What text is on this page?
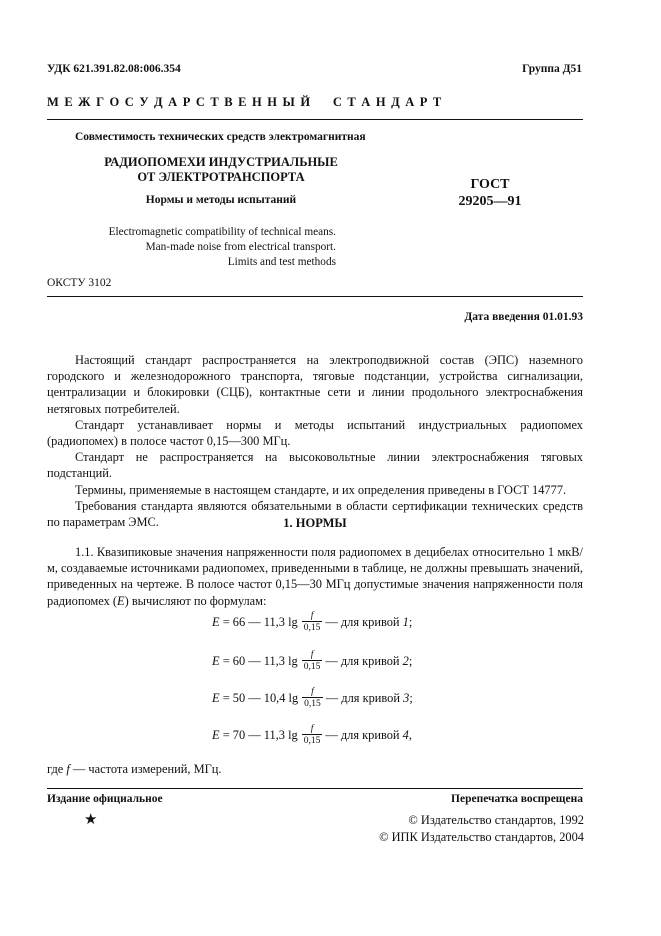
УДК 621.391.82.08:006.354	Группа Д51
М Е Ж Г О С У Д А Р С Т В Е Н Н Ы Й     С Т А Н Д А Р Т
Совместимость технических средств электромагнитная
РАДИОПОМЕХИ ИНДУСТРИАЛЬНЫЕ
ОТ ЭЛЕКТРОТРАНСПОРТА
Нормы и методы испытаний
Electromagnetic compatibility of technical means.
Man-made noise from electrical transport.
Limits and test methods
ГОСТ
29205—91
ОКСТУ 3102
Дата введения 01.01.93
Настоящий стандарт распространяется на электроподвижной состав (ЭПС) наземного городского и железнодорожного транспорта, тяговые подстанции, устройства сигнализации, централизации и блокировки (СЦБ), контактные сети и линии продольного электроснабжения нетяговых потребителей.
Стандарт устанавливает нормы и методы испытаний индустриальных радиопомех (радиопомех) в полосе частот 0,15—300 МГц.
Стандарт не распространяется на высоковольтные линии электроснабжения тяговых подстанций.
Термины, применяемые в настоящем стандарте, и их определения приведены в ГОСТ 14777.
Требования стандарта являются обязательными в области сертификации технических средств по параметрам ЭМС.	1. НОРМЫ
1.1. Квазипиковые значения напряженности поля радиопомех в децибелах относительно 1 мкВ/м, создаваемые источниками радиопомех, приведенными в таблице, не должны превышать значений, приведенных на чертеже. В полосе частот 0,15—30 МГц допустимые значения напряженности поля радиопомех (E) вычисляют по формулам:
E
= 66 — 11,3 $\lg \frac{f}{0,15}$ — для кривой
1 ;
E
= 60 — 11,3 $\lg \frac{f}{0,15}$ — для кривой
2 ;
E
= 50 — 10,4 $\lg \frac{f}{0,15}$ — для кривой
3 ;
E
= 70 — 11,3 $\lg \frac{f}{0,15}$ — для кривой
4 ,
где f — частота измерений, МГц.
Издание официальное	Перепечатка воспрещена
★	© Издательство стандартов, 1992
© ИПК Издательство стандартов, 2004
